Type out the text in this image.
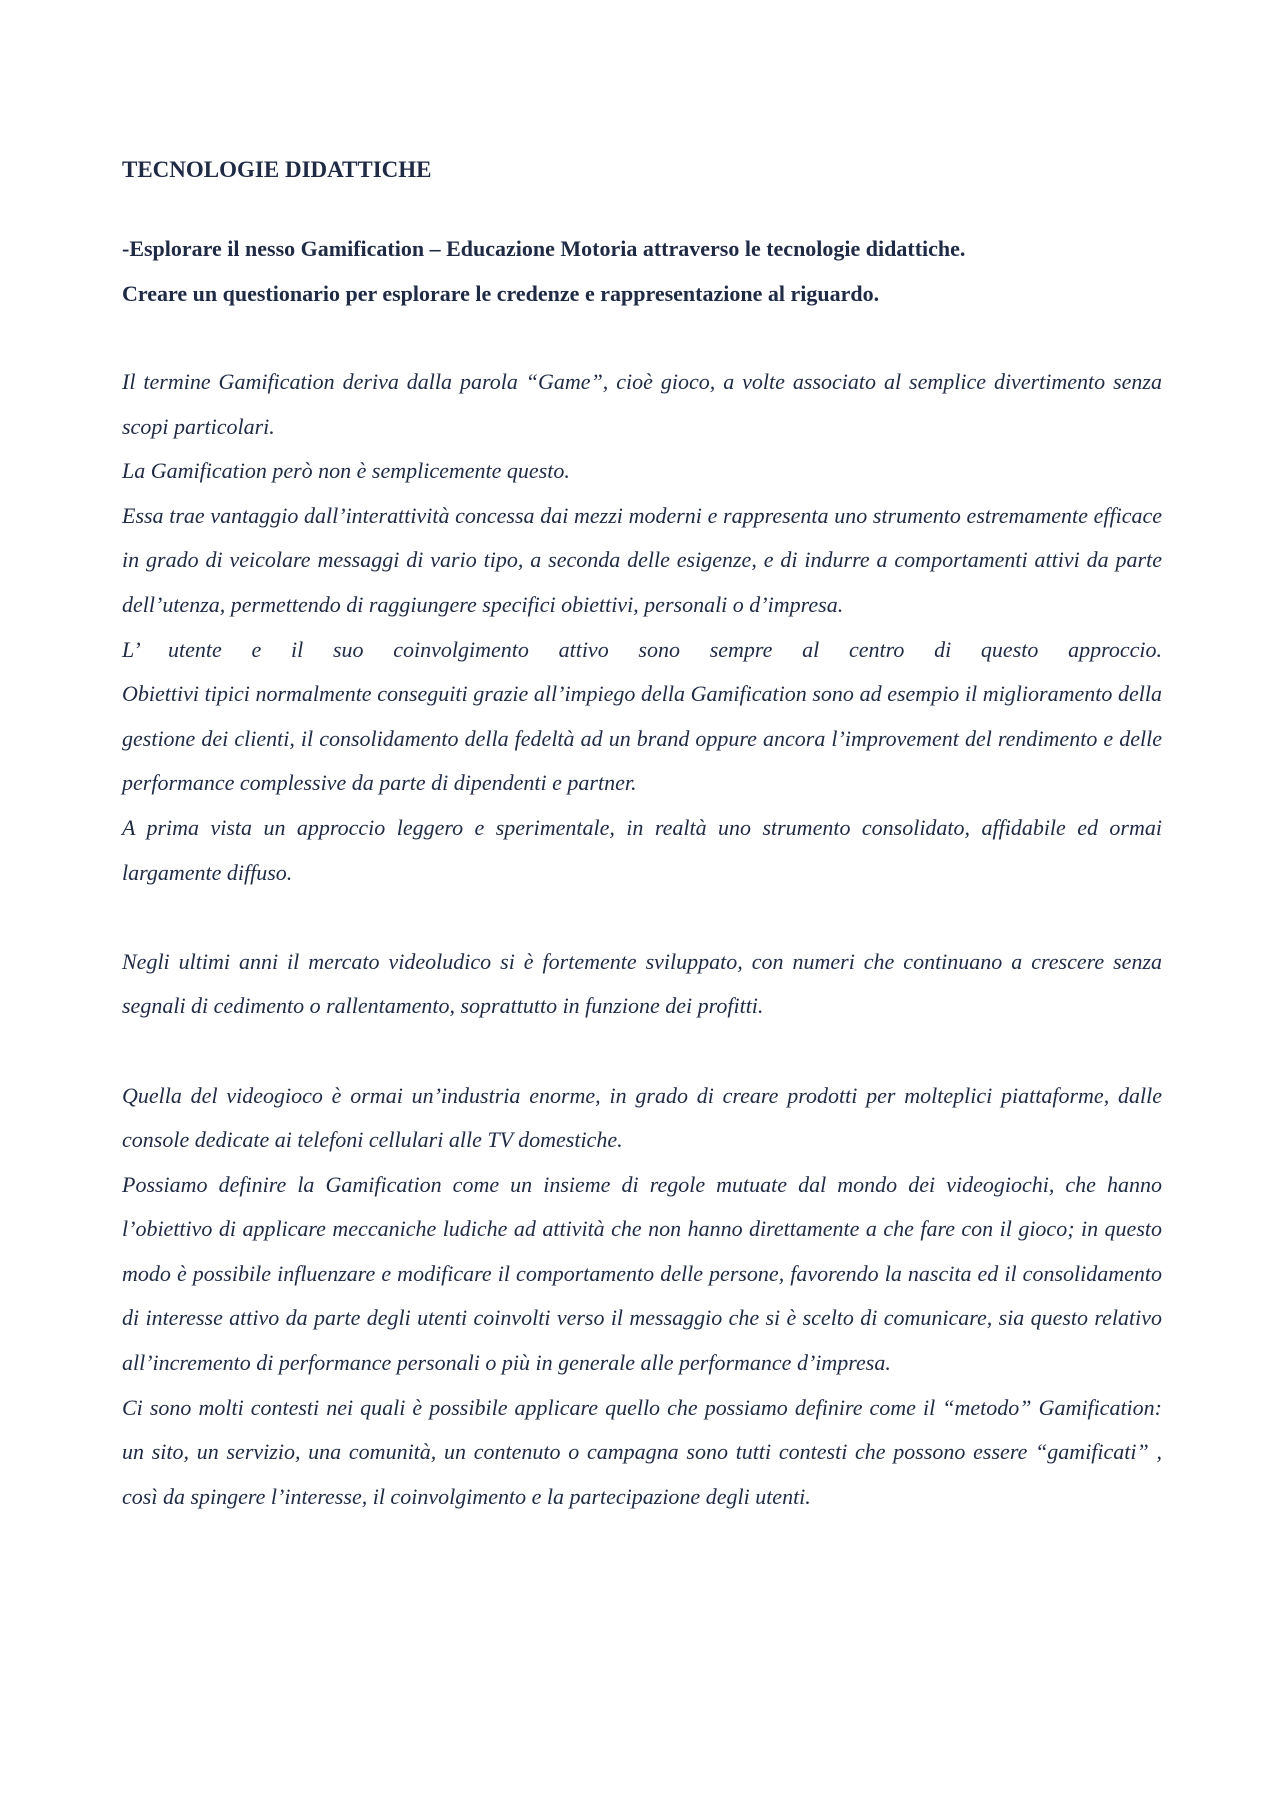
TECNOLOGIE DIDATTICHE
-Esplorare il nesso Gamification – Educazione Motoria attraverso le tecnologie didattiche.
Creare un questionario per esplorare le credenze e rappresentazione al riguardo.

Il termine Gamification deriva dalla parola “Game”, cioè gioco, a volte associato al semplice divertimento senza scopi particolari.

La Gamification però non è semplicemente questo.

Essa trae vantaggio dall’interattività concessa dai mezzi moderni e rappresenta uno strumento estremamente efficace in grado di veicolare messaggi di vario tipo, a seconda delle esigenze, e di indurre a comportamenti attivi da parte dell’utenza, permettendo di raggiungere specifici obiettivi, personali o d’impresa.

L’ utente e il suo coinvolgimento attivo sono sempre al centro di questo approccio.

Obiettivi tipici normalmente conseguiti grazie all’impiego della Gamification sono ad esempio il miglioramento della gestione dei clienti, il consolidamento della fedeltà ad un brand oppure ancora l’improvement del rendimento e delle performance complessive da parte di dipendenti e partner.

A prima vista un approccio leggero e sperimentale, in realtà uno strumento consolidato, affidabile ed ormai largamente diffuso.

Negli ultimi anni il mercato videoludico si è fortemente sviluppato, con numeri che continuano a crescere senza segnali di cedimento o rallentamento, soprattutto in funzione dei profitti.

Quella del videogioco è ormai un’industria enorme, in grado di creare prodotti per molteplici piattaforme, dalle console dedicate ai telefoni cellulari alle TV domestiche.

Possiamo definire la Gamification come un insieme di regole mutuate dal mondo dei videogiochi, che hanno l’obiettivo di applicare meccaniche ludiche ad attività che non hanno direttamente a che fare con il gioco; in questo modo è possibile influenzare e modificare il comportamento delle persone, favorendo la nascita ed il consolidamento di interesse attivo da parte degli utenti coinvolti verso il messaggio che si è scelto di comunicare, sia questo relativo all’incremento di performance personali o più in generale alle performance d’impresa.

Ci sono molti contesti nei quali è possibile applicare quello che possiamo definire come il “metodo” Gamification: un sito, un servizio, una comunità, un contenuto o campagna sono tutti contesti che possono essere “gamificati” , così da spingere l’interesse, il coinvolgimento e la partecipazione degli utenti.
